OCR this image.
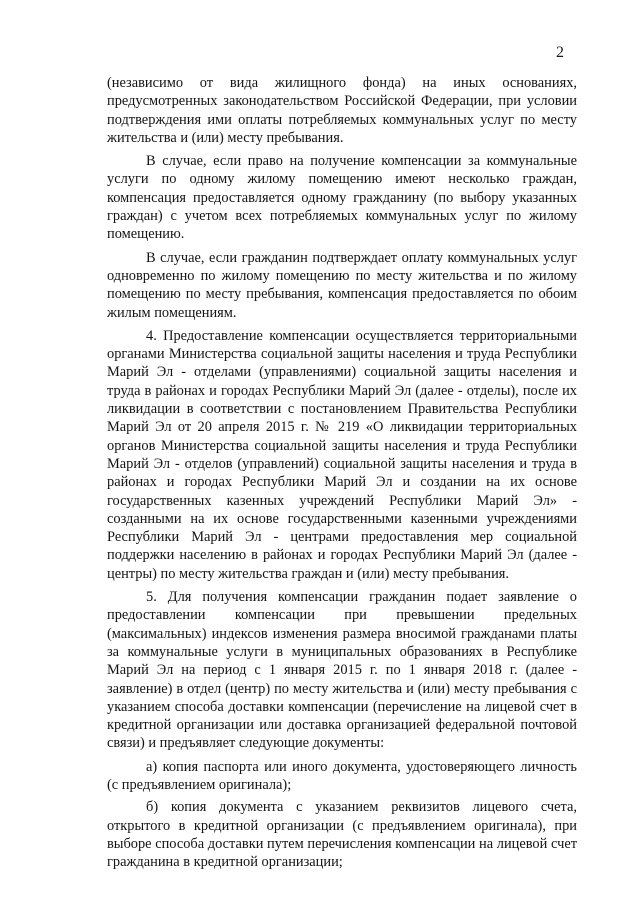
2

(независимо от вида жилищного фонда) на иных основаниях, предусмотренных законодательством Российской Федерации, при условии подтверждения ими оплаты потребляемых коммунальных услуг по месту жительства и (или) месту пребывания.

В случае, если право на получение компенсации за коммунальные услуги по одному жилому помещению имеют несколько граждан, компенсация предоставляется одному гражданину (по выбору указанных граждан) с учетом всех потребляемых коммунальных услуг по жилому помещению.

В случае, если гражданин подтверждает оплату коммунальных услуг одновременно по жилому помещению по месту жительства и по жилому помещению по месту пребывания, компенсация предоставляется по обоим жилым помещениям.

4. Предоставление компенсации осуществляется территориальными органами Министерства социальной защиты населения и труда Республики Марий Эл - отделами (управлениями) социальной защиты населения и труда в районах и городах Республики Марий Эл (далее - отделы), после их ликвидации в соответствии с постановлением Правительства Республики Марий Эл от 20 апреля 2015 г. № 219 «О ликвидации территориальных органов Министерства социальной защиты населения и труда Республики Марий Эл - отделов (управлений) социальной защиты населения и труда в районах и городах Республики Марий Эл и создании на их основе государственных казенных учреждений Республики Марий Эл» - созданными на их основе государственными казенными учреждениями Республики Марий Эл - центрами предоставления мер социальной поддержки населению в районах и городах Республики Марий Эл (далее - центры) по месту жительства граждан и (или) месту пребывания.

5. Для получения компенсации гражданин подает заявление о предоставлении компенсации при превышении предельных (максимальных) индексов изменения размера вносимой гражданами платы за коммунальные услуги в муниципальных образованиях в Республике Марий Эл на период с 1 января 2015 г. по 1 января 2018 г. (далее - заявление) в отдел (центр) по месту жительства и (или) месту пребывания с указанием способа доставки компенсации (перечисление на лицевой счет в кредитной организации или доставка организацией федеральной почтовой связи) и предъявляет следующие документы:

а) копия паспорта или иного документа, удостоверяющего личность (с предъявлением оригинала);

б) копия документа с указанием реквизитов лицевого счета, открытого в кредитной организации (с предъявлением оригинала), при выборе способа доставки путем перечисления компенсации на лицевой счет гражданина в кредитной организации;
